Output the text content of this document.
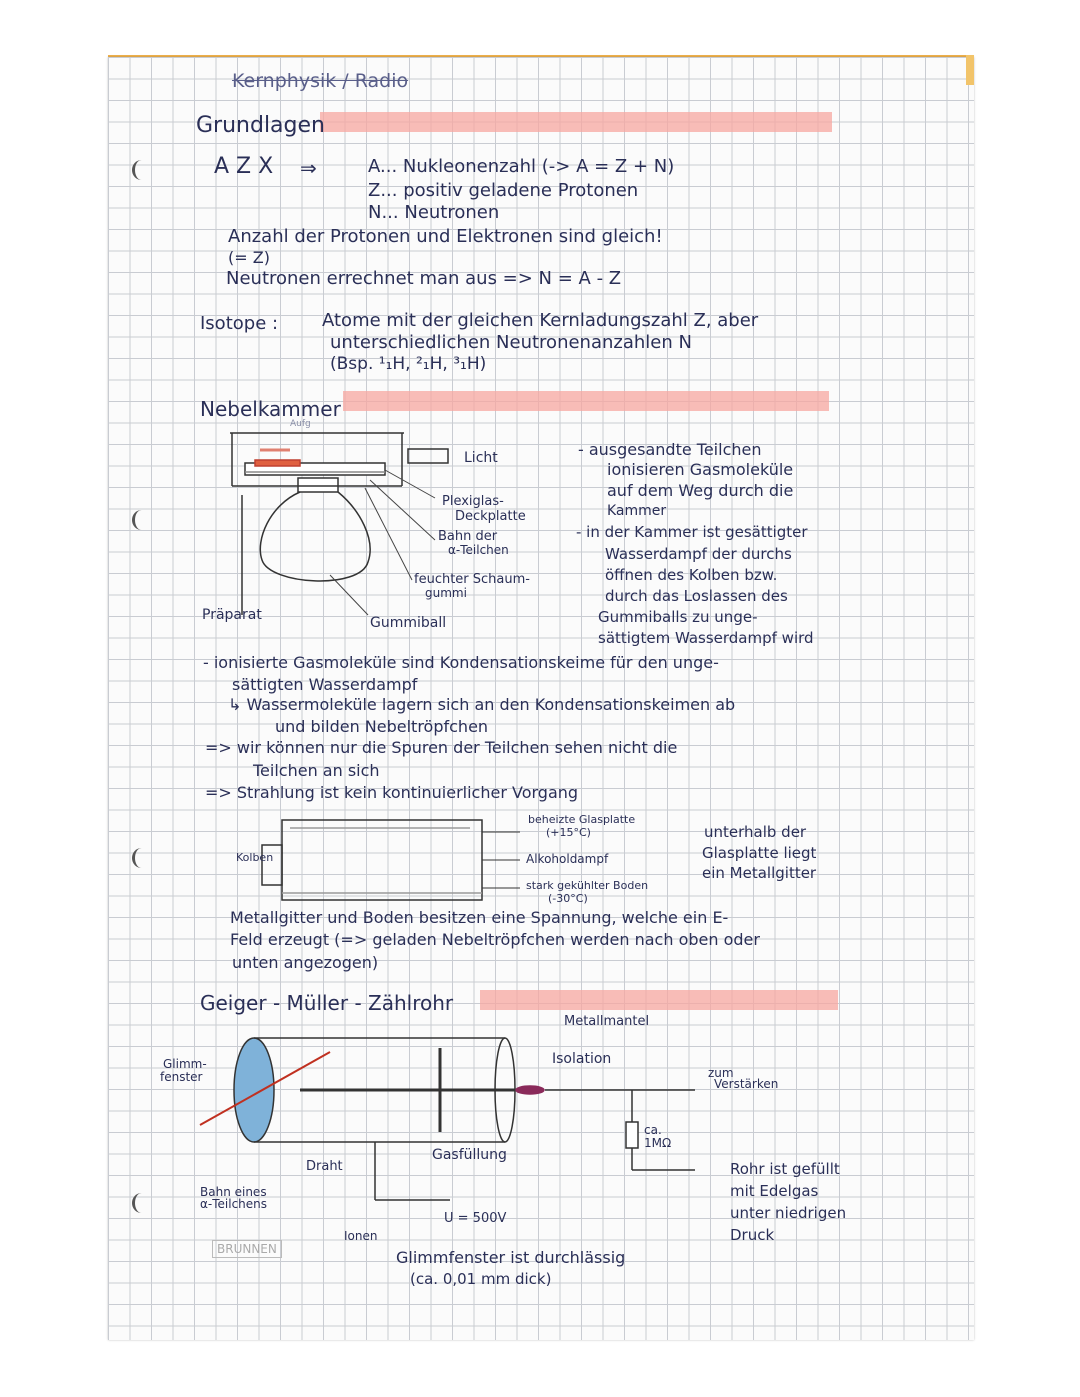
Kernphysik / Radio
Grundlagen
A Z X ⇒	A... Nukleonenzahl (-> A = Z + N)
Z... positiv geladene Protonen
N... Neutronen
Anzahl der Protonen und Elektronen sind gleich!
(= Z)
Neutronen errechnet man aus => N = A - Z
Isotope : Atome mit der gleichen Kernladungszahl Z, aber
unterschiedlichen Neutronenanzahlen N
(Bsp. ¹₁H, ²₁H, ³₁H)
Nebelkammer
Aufg
Licht
Plexiglas-
Deckplatte
Bahn der
α-Teilchen
feuchter Schaum-
gummi
Präparat	Gummiball
- ausgesandte Teilchen
ionisieren Gasmoleküle
auf dem Weg durch die
Kammer
- in der Kammer ist gesättigter
Wasserdampf der durchs
öffnen des Kolben bzw.
durch das Loslassen des
Gummiballs zu unge-
sättigtem Wasserdampf wird
- ionisierte Gasmoleküle sind Kondensationskeime für den unge-
sättigten Wasserdampf
↳ Wassermoleküle lagern sich an den Kondensationskeimen ab
und bilden Nebeltröpfchen
=> wir können nur die Spuren der Teilchen sehen nicht die
Teilchen an sich
=> Strahlung ist kein kontinuierlicher Vorgang
beheizte Glasplatte
(+15°C)
Alkoholdampf
stark gekühlter Boden
(-30°C)
Kolben
unterhalb der
Glasplatte liegt
ein Metallgitter
Metallgitter und Boden besitzen eine Spannung, welche ein E-
Feld erzeugt (=> geladen Nebeltröpfchen werden nach oben oder
unten angezogen)
Geiger - Müller - Zählrohr
Metallmantel
Isolation
Glimm-
fenster
Draht
Bahn eines
α-Teilchens
Gasfüllung
U = 500V
Ionen
ca.
1MΩ
zum
Verstärken
Rohr ist gefüllt
mit Edelgas
unter niedrigen
Druck
Glimmfenster ist durchlässig
(ca. 0,01 mm dick)
BRUNNEN
